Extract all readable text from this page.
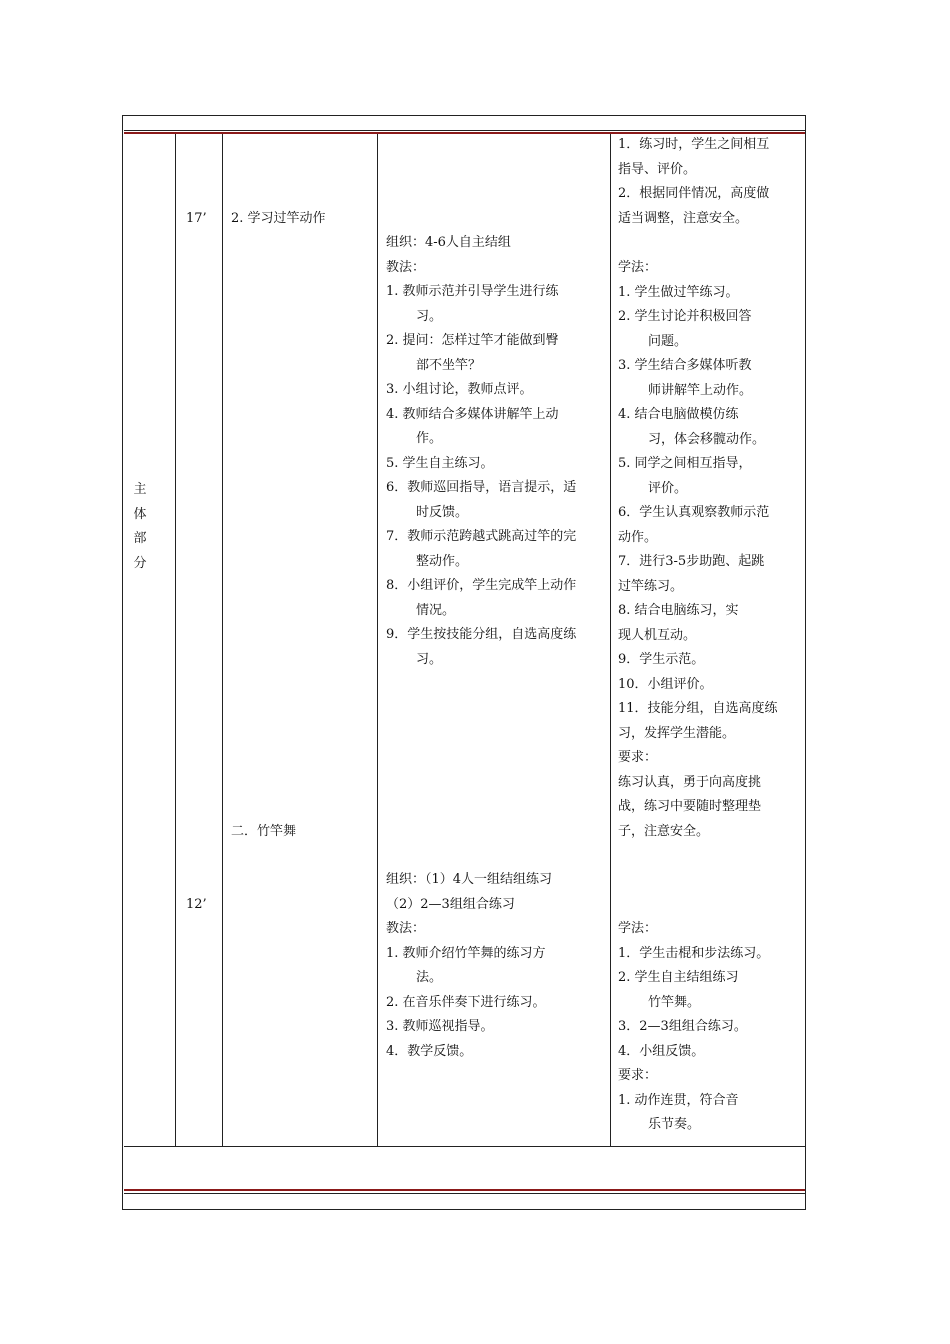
主
体
部
分
17’
12’
2. 学习过竿动作
二．竹竿舞
组织：4-6人自主结组
教法：
1. 教师示范并引导学生进行练
习。
2. 提问：怎样过竿才能做到臀
部不坐竿？
3. 小组讨论，教师点评。
4. 教师结合多媒体讲解竿上动
作。
5. 学生自主练习。
6．教师巡回指导，语言提示，适
时反馈。
7．教师示范跨越式跳高过竿的完
整动作。
8．小组评价，学生完成竿上动作
情况。
9．学生按技能分组，自选高度练
习。
组织：（1）4人一组结组练习
（2）2—3组组合练习
教法：
1. 教师介绍竹竿舞的练习方
法。
2. 在音乐伴奏下进行练习。
3. 教师巡视指导。
4．教学反馈。
1．练习时，学生之间相互
指导、评价。
2．根据同伴情况，高度做
适当调整，注意安全。
学法：
1. 学生做过竿练习。
2. 学生讨论并积极回答
问题。
3. 学生结合多媒体听教
师讲解竿上动作。
4. 结合电脑做模仿练
习，体会移髋动作。
5. 同学之间相互指导，
评价。
6．学生认真观察教师示范
动作。
7．进行3-5步助跑、起跳
过竿练习。
8. 结合电脑练习，实
现人机互动。
9．学生示范。
10．小组评价。
11．技能分组，自选高度练
习，发挥学生潜能。
要求：
练习认真，勇于向高度挑
战，练习中要随时整理垫
子，注意安全。
学法：
1．学生击棍和步法练习。
2. 学生自主结组练习
竹竿舞。
3．2—3组组合练习。
4．小组反馈。
要求：
1. 动作连贯，符合音
乐节奏。
